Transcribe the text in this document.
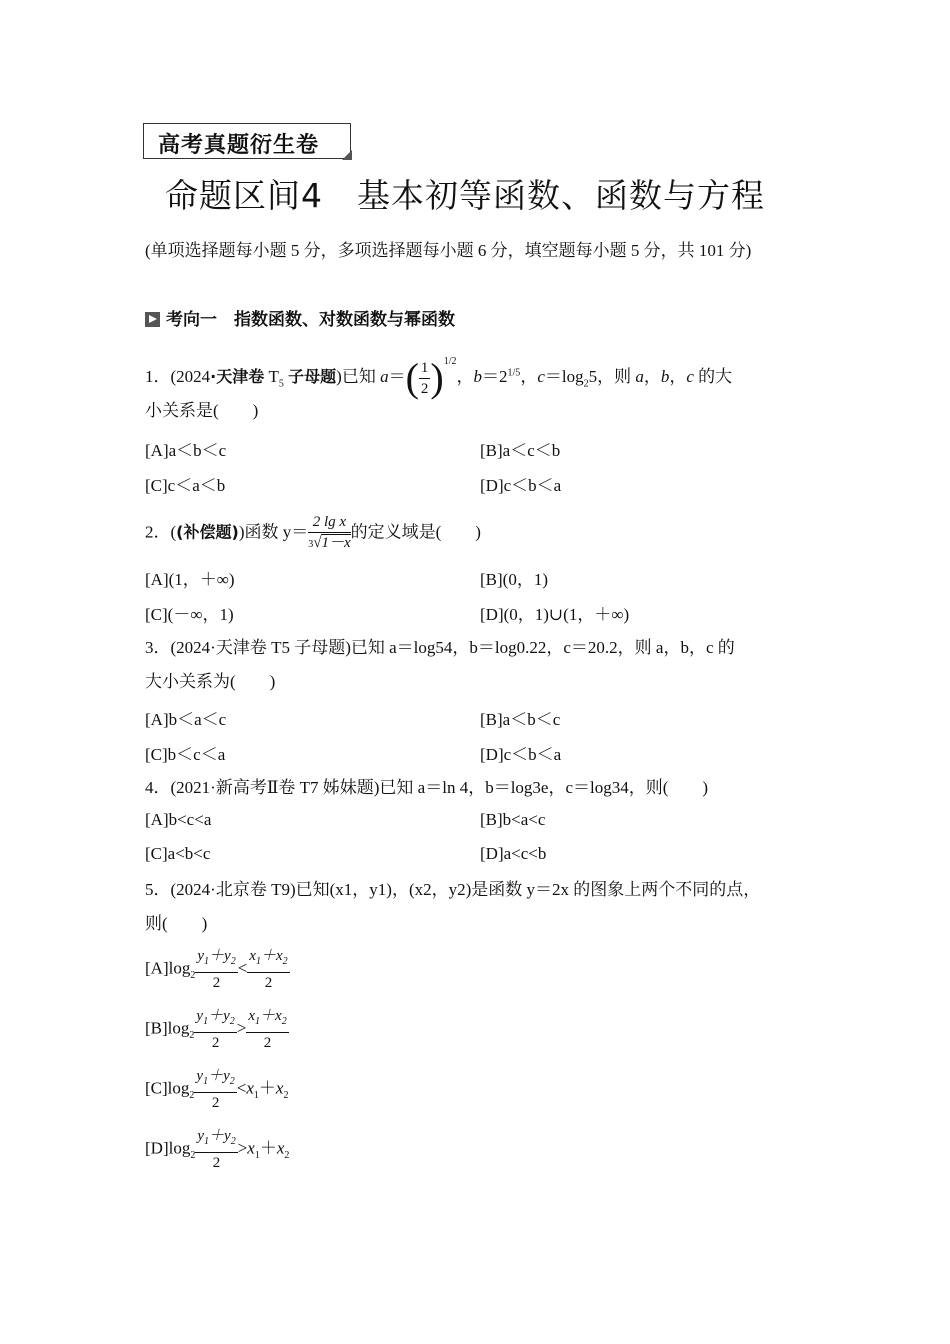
高考真题衍生卷
命题区间4　基本初等函数、函数与方程
(单项选择题每小题 5 分，多项选择题每小题 6 分，填空题每小题 5 分，共 101 分)
考向一　指数函数、对数函数与幂函数
1．(2024·天津卷 $T_5$ 子母题)已知 $a=( \frac{1}{2} )^{1/2}$，$b=2^{1/5}$，$c=\log_25$，则 a，b，c 的大
小关系是(　　)
[A]a＜b＜c	[B]a＜c＜b
[C]c＜a＜b	[D]c＜b＜a
2．((补偿题))函数 $y= \frac{\text{2 lg x}}{3√1-x}$ 的定义域是(　　)
[A](1，＋∞)	[B](0，1)
[C](－∞，1)	[D](0，1)∪(1，＋∞)
3．(2024·天津卷 T5 子母题)已知 a＝log54，b＝log0.22，c＝20.2，则 a，b，c 的
大小关系为(　　)
[A]b＜a＜c	[B]a＜b＜c
[C]b＜c＜a	[D]c＜b＜a
4．(2021·新高考Ⅱ卷 T7 姊妹题)已知 a＝ln 4，b＝log3e，c＝log34，则(　　)
[A]b<c<a	[B]b<a<c
[C]a<b<c	[D]a<c<b
5．(2024·北京卷 T9)已知(x1，y1)，(x2，y2)是函数 y＝2x 的图象上两个不同的点，
则(　　)
$[A]\log_2 \frac{y_1+y_2}{2} < \frac{x_1+x_2}{2}$
$[B]\log_2 \frac{y_1+y_2}{2} > \frac{x_1+x_2}{2}$
$[C]\log_2 \frac{y_1+y_2}{2} <x_1+x_2$
$[D]\log_2 \frac{y_1+y_2}{2} >x_1+x_2$
